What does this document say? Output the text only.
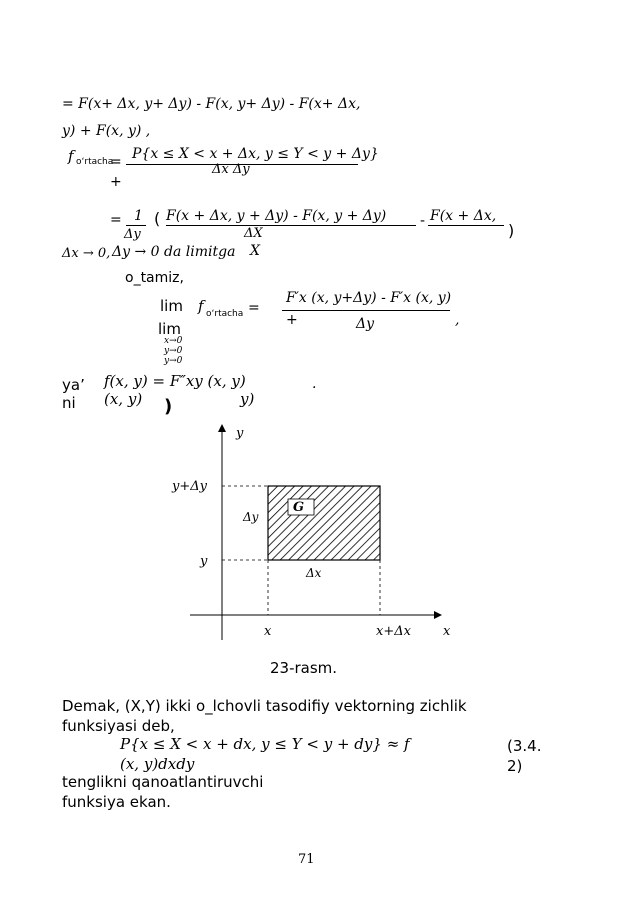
= F(x+ Δx, y+ Δy) - F(x, y+ Δy) - F(x+ Δx,
y) + F(x, y) ,
f o‘rtacha
= P{x ≤ X < x + Δx, y ≤ Y < y + Δy}
Δx Δy
+
= 1
Δy
( F(x + Δx, y + Δy) - F(x, y + Δy)
ΔX
- F(x + Δx,
)
Δx → 0, Δy → 0 da limitga X
o_tamiz,
lim
lim
x→0
y→0
y→0
f o‘rtacha =
F′x (x, y+Δy) - F′x (x, y)
Δy
+	,
ya’
ni
f(x, y) = F″xy (x, y)
(x, y)	y)
)
.
y
y+Δy
Δy
G
y
Δx
x	x+Δx x
23-rasm.
Demak, (X,Y) ikki o_lchovli tasodifiy vektorning zichlik
funksiyasi deb,
P{x ≤ X < x + dx, y ≤ Y < y + dy} ≈ f
(x, y)dxdy
(3.4.
2)
tenglikni qanoatlantiruvchi
funksiya ekan.
71
